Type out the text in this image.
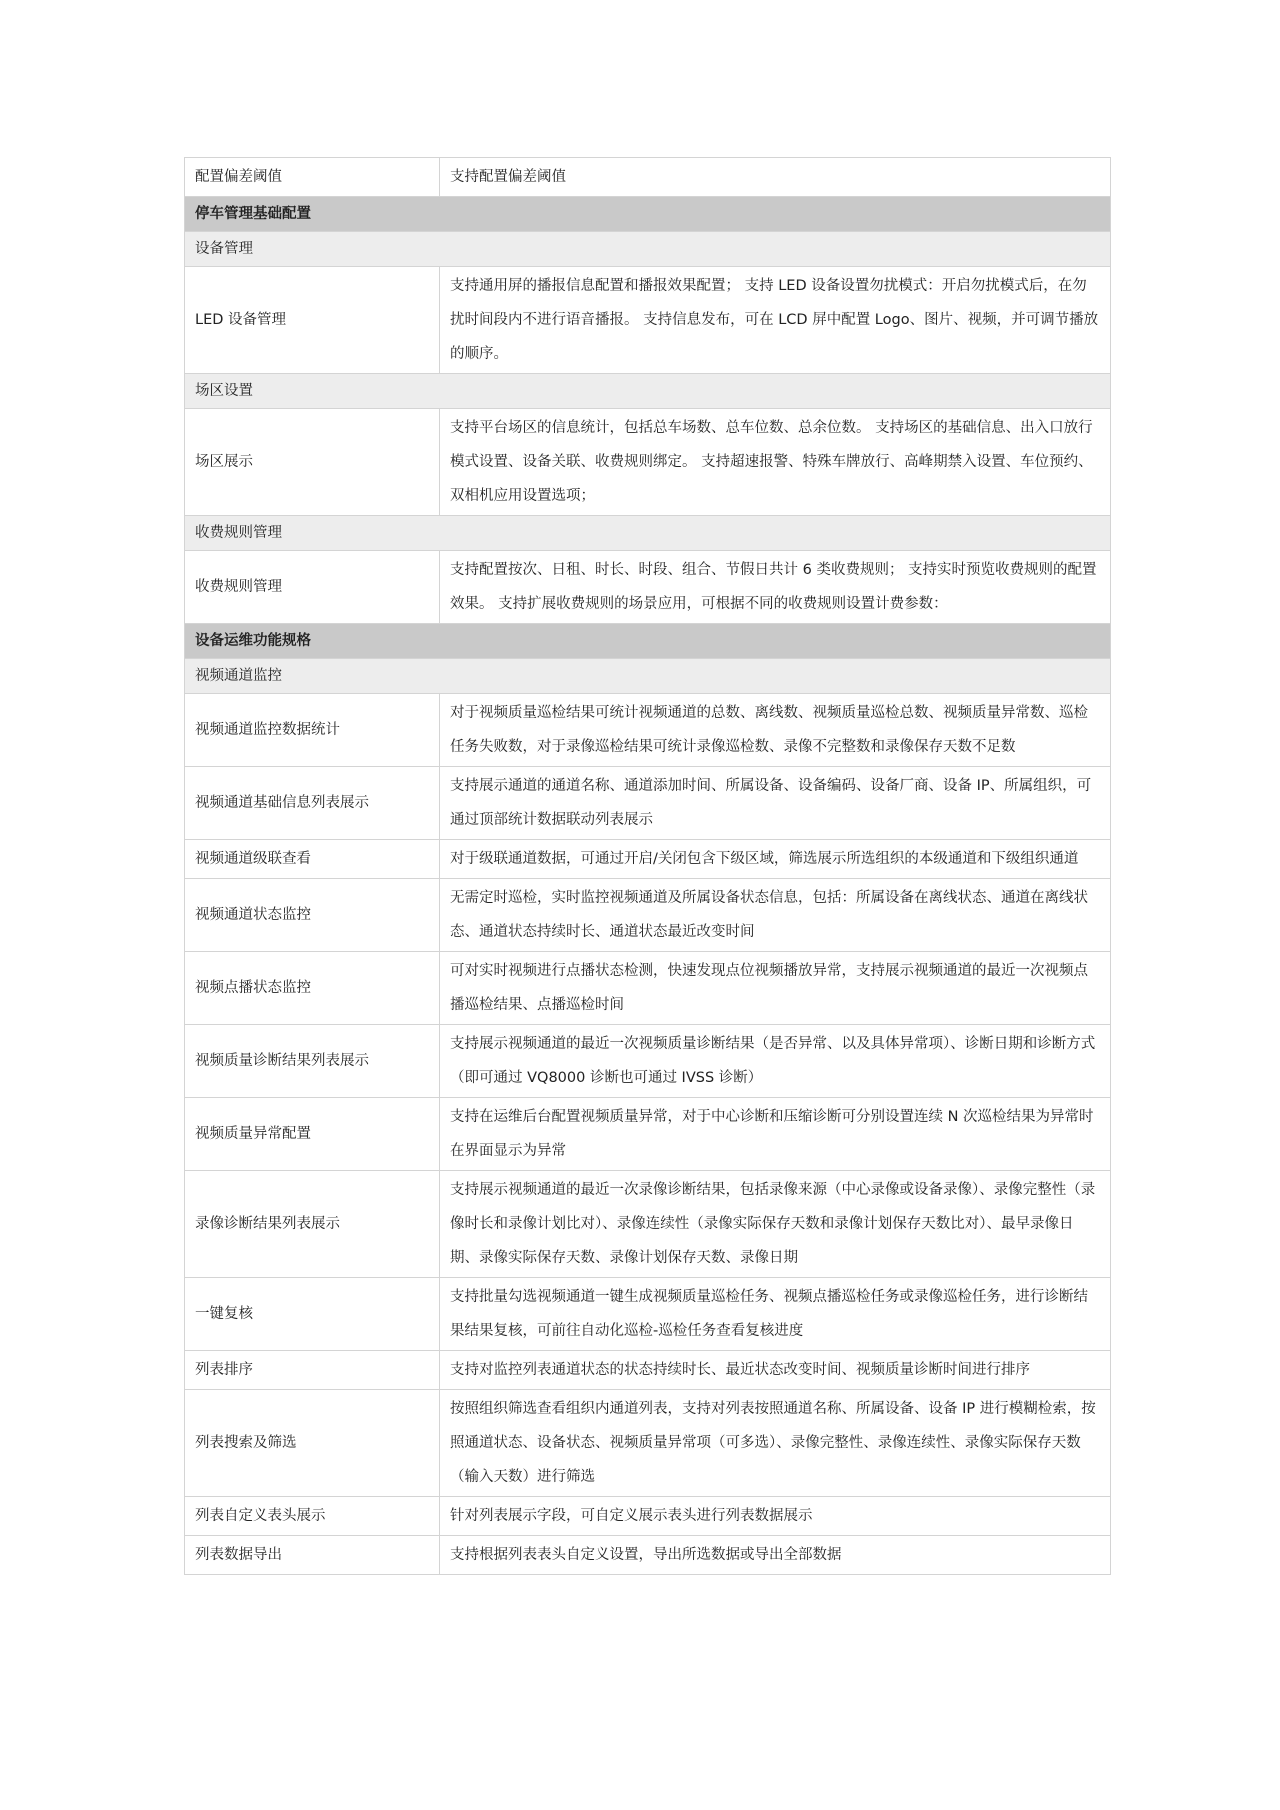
配置偏差阈值	支持配置偏差阈值
停车管理基础配置	
设备管理	
LED 设备管理	支持通用屏的播报信息配置和播报效果配置； 支持 LED 设备设置勿扰模式：开启勿扰模式后，在勿扰时间段内不进行语音播报。 支持信息发布，可在 LCD 屏中配置 Logo、图片、视频，并可调节播放的顺序。
场区设置	
场区展示	支持平台场区的信息统计，包括总车场数、总车位数、总余位数。 支持场区的基础信息、出入口放行模式设置、设备关联、收费规则绑定。 支持超速报警、特殊车牌放行、高峰期禁入设置、车位预约、双相机应用设置选项；
收费规则管理	
收费规则管理	支持配置按次、日租、时长、时段、组合、节假日共计 6 类收费规则； 支持实时预览收费规则的配置效果。 支持扩展收费规则的场景应用，可根据不同的收费规则设置计费参数：
设备运维功能规格	
视频通道监控	
视频通道监控数据统计	对于视频质量巡检结果可统计视频通道的总数、离线数、视频质量巡检总数、视频质量异常数、巡检任务失败数，对于录像巡检结果可统计录像巡检数、录像不完整数和录像保存天数不足数
视频通道基础信息列表展示	支持展示通道的通道名称、通道添加时间、所属设备、设备编码、设备厂商、设备 IP、所属组织，可通过顶部统计数据联动列表展示
视频通道级联查看	对于级联通道数据，可通过开启/关闭包含下级区域，筛选展示所选组织的本级通道和下级组织通道
视频通道状态监控	无需定时巡检，实时监控视频通道及所属设备状态信息，包括：所属设备在离线状态、通道在离线状态、通道状态持续时长、通道状态最近改变时间
视频点播状态监控	可对实时视频进行点播状态检测，快速发现点位视频播放异常，支持展示视频通道的最近一次视频点播巡检结果、点播巡检时间
视频质量诊断结果列表展示	支持展示视频通道的最近一次视频质量诊断结果（是否异常、以及具体异常项）、诊断日期和诊断方式（即可通过 VQ8000 诊断也可通过 IVSS 诊断）
视频质量异常配置	支持在运维后台配置视频质量异常，对于中心诊断和压缩诊断可分别设置连续 N 次巡检结果为异常时在界面显示为异常
录像诊断结果列表展示	支持展示视频通道的最近一次录像诊断结果，包括录像来源（中心录像或设备录像）、录像完整性（录像时长和录像计划比对）、录像连续性（录像实际保存天数和录像计划保存天数比对）、最早录像日期、录像实际保存天数、录像计划保存天数、录像日期
一键复核	支持批量勾选视频通道一键生成视频质量巡检任务、视频点播巡检任务或录像巡检任务，进行诊断结果结果复核，可前往自动化巡检-巡检任务查看复核进度
列表排序	支持对监控列表通道状态的状态持续时长、最近状态改变时间、视频质量诊断时间进行排序
列表搜索及筛选	按照组织筛选查看组织内通道列表，支持对列表按照通道名称、所属设备、设备 IP 进行模糊检索，按照通道状态、设备状态、视频质量异常项（可多选）、录像完整性、录像连续性、录像实际保存天数（输入天数）进行筛选
列表自定义表头展示	针对列表展示字段，可自定义展示表头进行列表数据展示
列表数据导出	支持根据列表表头自定义设置，导出所选数据或导出全部数据
